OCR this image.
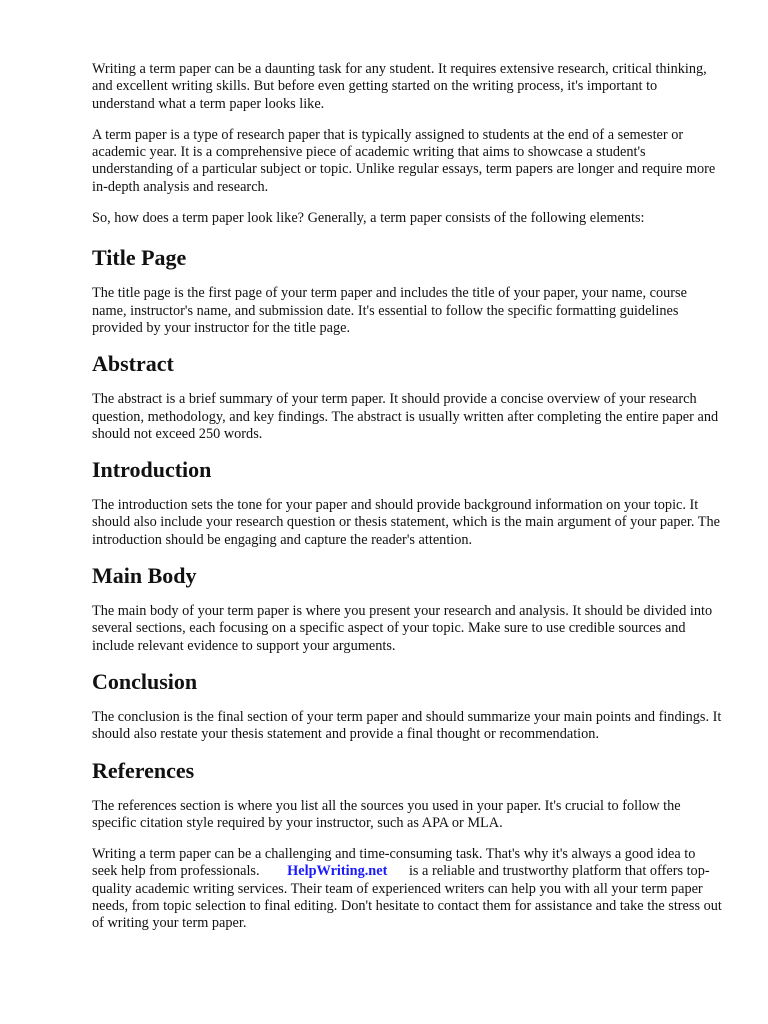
Writing a term paper can be a daunting task for any student. It requires extensive research, critical thinking, and excellent writing skills. But before even getting started on the writing process, it's important to understand what a term paper looks like.

A term paper is a type of research paper that is typically assigned to students at the end of a semester or academic year. It is a comprehensive piece of academic writing that aims to showcase a student's understanding of a particular subject or topic. Unlike regular essays, term papers are longer and require more in-depth analysis and research.

So, how does a term paper look like? Generally, a term paper consists of the following elements:

Title Page

The title page is the first page of your term paper and includes the title of your paper, your name, course name, instructor's name, and submission date. It's essential to follow the specific formatting guidelines provided by your instructor for the title page.

Abstract

The abstract is a brief summary of your term paper. It should provide a concise overview of your research question, methodology, and key findings. The abstract is usually written after completing the entire paper and should not exceed 250 words.

Introduction

The introduction sets the tone for your paper and should provide background information on your topic. It should also include your research question or thesis statement, which is the main argument of your paper. The introduction should be engaging and capture the reader's attention.

Main Body

The main body of your term paper is where you present your research and analysis. It should be divided into several sections, each focusing on a specific aspect of your topic. Make sure to use credible sources and include relevant evidence to support your arguments.

Conclusion

The conclusion is the final section of your term paper and should summarize your main points and findings. It should also restate your thesis statement and provide a final thought or recommendation.

References

The references section is where you list all the sources you used in your paper. It's crucial to follow the specific citation style required by your instructor, such as APA or MLA.

Writing a term paper can be a challenging and time-consuming task. That's why it's always a good idea to seek help from professionals. HelpWriting.net is a reliable and trustworthy platform that offers top-quality academic writing services. Their team of experienced writers can help you with all your term paper needs, from topic selection to final editing. Don't hesitate to contact them for assistance and take the stress out of writing your term paper.
